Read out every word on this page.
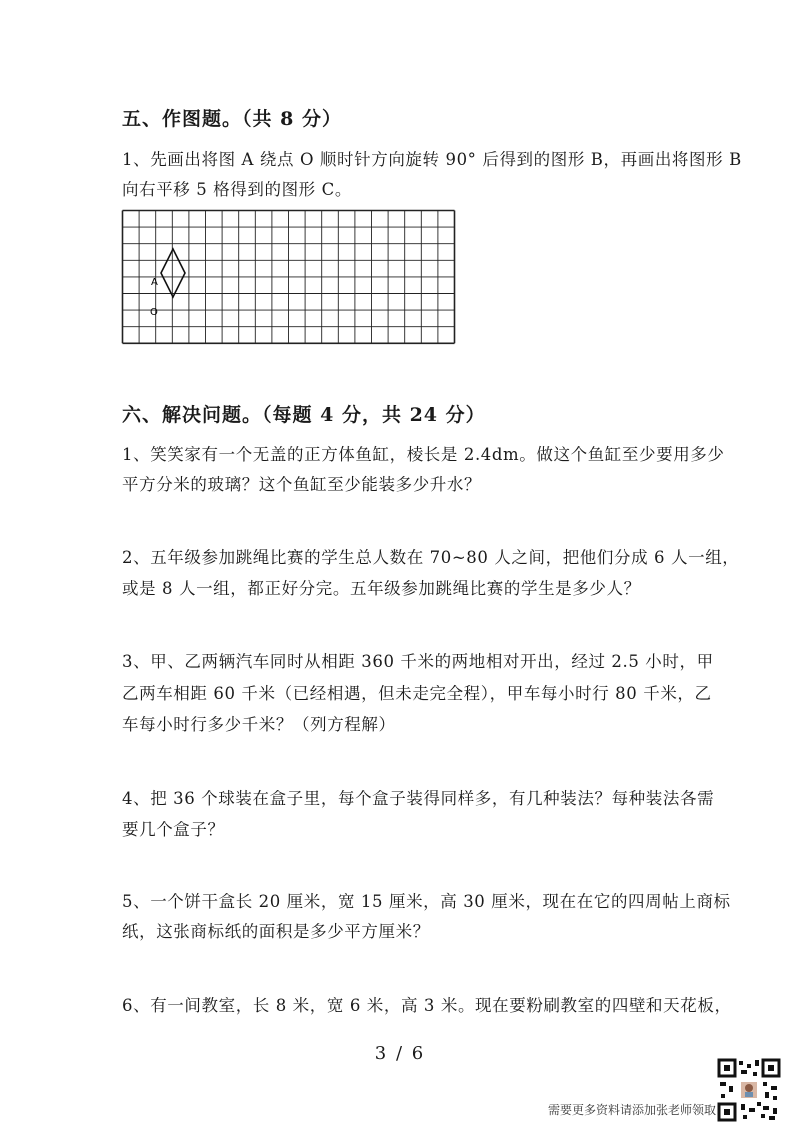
五、作图题。（共 8 分）
1、先画出将图 A 绕点 O 顺时针方向旋转 90° 后得到的图形 B，再画出将图形 B
向右平移 5 格得到的图形 C。
A
O
六、解决问题。（每题 4 分，共 24 分）
1、笑笑家有一个无盖的正方体鱼缸，棱长是 2.4dm。做这个鱼缸至少要用多少
平方分米的玻璃？这个鱼缸至少能装多少升水？
2、五年级参加跳绳比赛的学生总人数在 70~80 人之间，把他们分成 6 人一组，
或是 8 人一组，都正好分完。五年级参加跳绳比赛的学生是多少人？
3、甲、乙两辆汽车同时从相距 360 千米的两地相对开出，经过 2.5 小时，甲
乙两车相距 60 千米（已经相遇，但未走完全程），甲车每小时行 80 千米，乙
车每小时行多少千米？（列方程解）
4、把 36 个球装在盒子里，每个盒子装得同样多，有几种装法？每种装法各需
要几个盒子？
5、一个饼干盒长 20 厘米，宽 15 厘米，高 30 厘米，现在在它的四周帖上商标
纸，这张商标纸的面积是多少平方厘米？
6、有一间教室，长 8 米，宽 6 米，高 3 米。现在要粉刷教室的四壁和天花板，
3 / 6
需要更多资料请添加张老师领取
